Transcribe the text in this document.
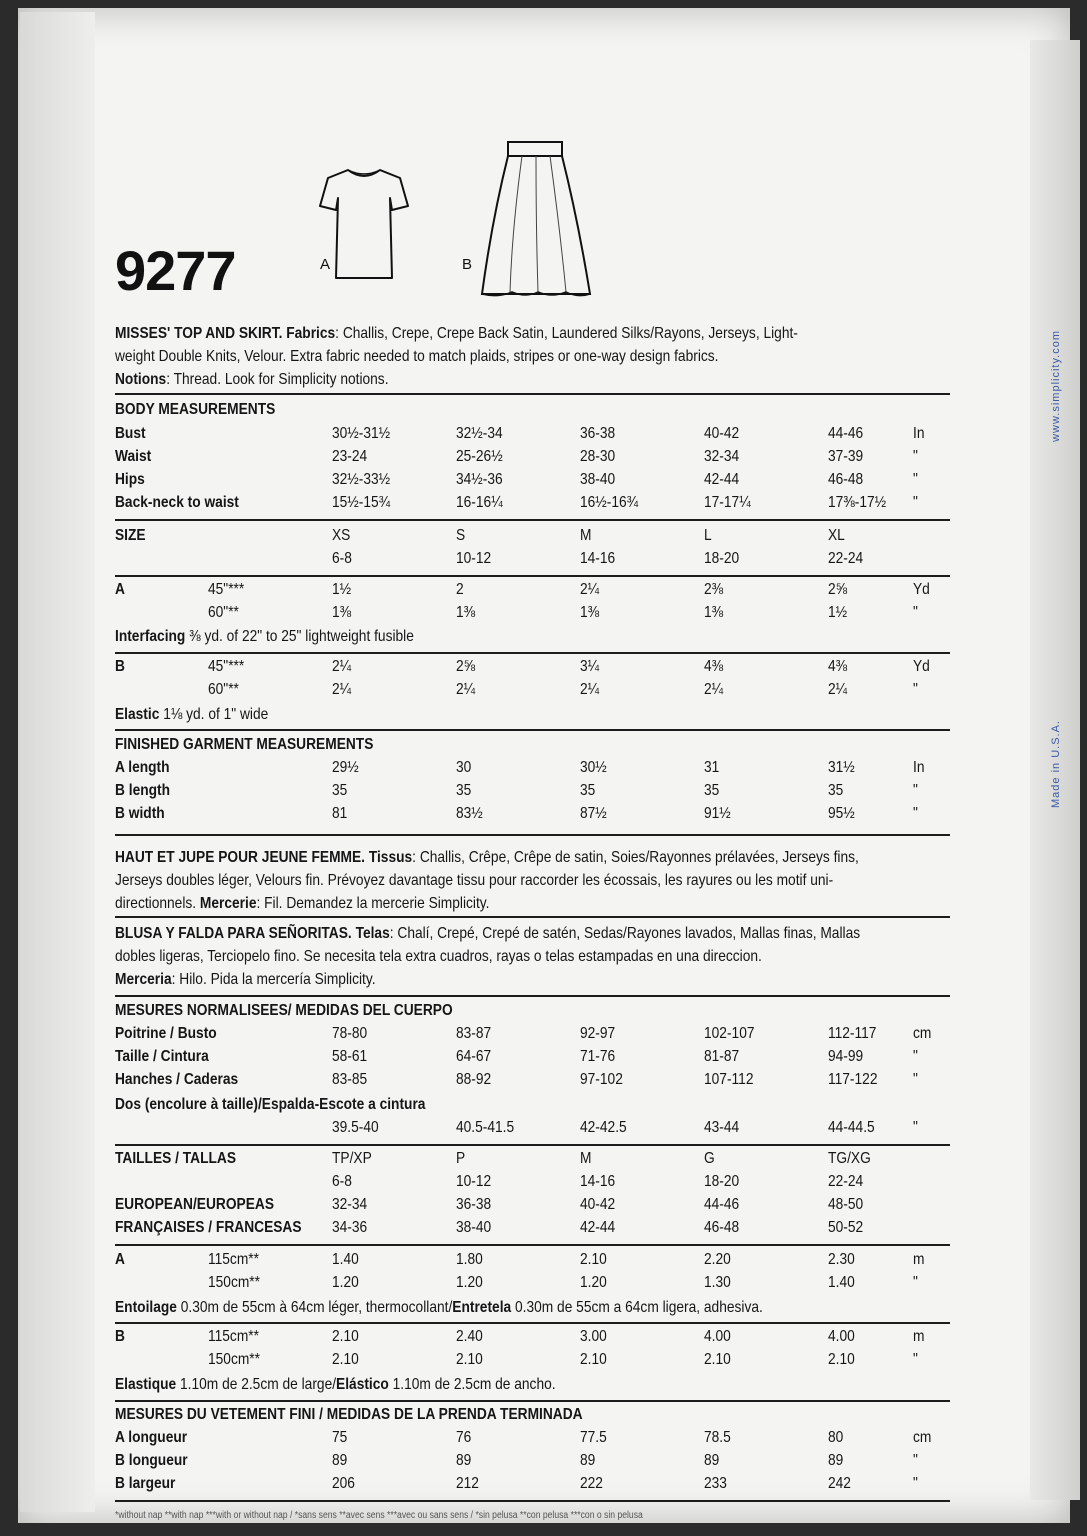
www.simplicity.com
Made in U.S.A.
9277	A	B
MISSES' TOP AND SKIRT. Fabrics: Challis, Crepe, Crepe Back Satin, Laundered Silks/Rayons, Jerseys, Light-
weight Double Knits, Velour. Extra fabric needed to match plaids, stripes or one-way design fabrics.
Notions: Thread. Look for Simplicity notions.
BODY MEASUREMENTS
Bust	30½-31½	32½-34	36-38	40-42	44-46	In
Waist	23-24	25-26½	28-30	32-34	37-39	"
Hips	32½-33½	34½-36	38-40	42-44	46-48	"
Back-neck to waist	15½-15¾	16-16¼	16½-16¾	17-17¼	17⅜-17½ "
SIZE	XS	S	M	L	XL
6-8	10-12	14-16	18-20	22-24
A	45"***	1½	2	2¼	2⅜	2⅝	Yd
60"**	1⅜	1⅜	1⅜	1⅜	1½	"
Interfacing ⅜ yd. of 22" to 25" lightweight fusible
B	45"***	2¼	2⅝	3¼	4⅜	4⅜	Yd
60"**	2¼	2¼	2¼	2¼	2¼	"
Elastic 1⅛ yd. of 1" wide
FINISHED GARMENT MEASUREMENTS
A length	29½	30	30½	31	31½	In
B length	35	35	35	35	35	"
B width	81	83½	87½	91½	95½	"
HAUT ET JUPE POUR JEUNE FEMME. Tissus: Challis, Crêpe, Crêpe de satin, Soies/Rayonnes prélavées, Jerseys fins,
Jerseys doubles léger, Velours fin. Prévoyez davantage tissu pour raccorder les écossais, les rayures ou les motif uni-
directionnels. Mercerie: Fil. Demandez la mercerie Simplicity.
BLUSA Y FALDA PARA SEÑORITAS. Telas: Chalí, Crepé, Crepé de satén, Sedas/Rayones lavados, Mallas finas, Mallas
dobles ligeras, Terciopelo fino. Se necesita tela extra cuadros, rayas o telas estampadas en una direccion.
Merceria: Hilo. Pida la mercería Simplicity.
MESURES NORMALISEES/ MEDIDAS DEL CUERPO
Poitrine / Busto	78-80	83-87	92-97	102-107	112-117 cm
Taille / Cintura	58-61	64-67	71-76	81-87	94-99	"
Hanches / Caderas	83-85	88-92	97-102	107-112	117-122 "
Dos (encolure à taille)/Espalda-Escote a cintura
39.5-40	40.5-41.5	42-42.5	43-44	44-44.5 "
TAILLES / TALLAS	TP/XP	P	M	G	TG/XG
6-8	10-12	14-16	18-20	22-24
EUROPEAN/EUROPEAS	32-34	36-38	40-42	44-46	48-50
FRANÇAISES / FRANCESAS 34-36	38-40	42-44	46-48	50-52
A	115cm**	1.40	1.80	2.10	2.20	2.30	m
150cm**	1.20	1.20	1.20	1.30	1.40	"
Entoilage 0.30m de 55cm à 64cm léger, thermocollant/Entretela 0.30m de 55cm a 64cm ligera, adhesiva.
B	115cm**	2.10	2.40	3.00	4.00	4.00	m
150cm**	2.10	2.10	2.10	2.10	2.10	"
Elastique 1.10m de 2.5cm de large/Elástico 1.10m de 2.5cm de ancho.
MESURES DU VETEMENT FINI / MEDIDAS DE LA PRENDA TERMINADA
A longueur	75	76	77.5	78.5	80	cm
B longueur	89	89	89	89	89	"
B largeur	206	212	222	233	242	"
*without nap **with nap ***with or without nap / *sans sens **avec sens ***avec ou sans sens / *sin pelusa **con pelusa ***con o sin pelusa
